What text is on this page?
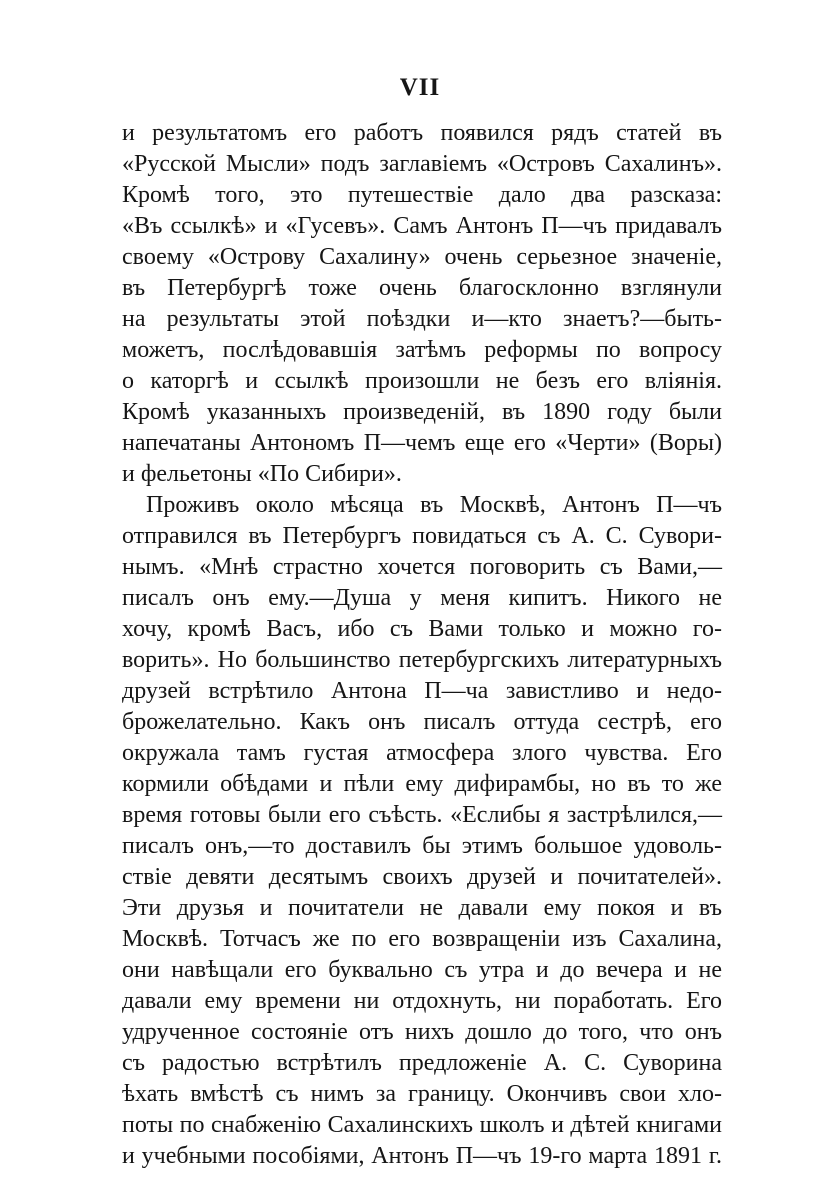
VII
и результатомъ его работъ появился рядъ статей въ
«Русской Мысли» подъ заглавіемъ «Островъ Сахалинъ».
Кромѣ того, это путешествіе дало два разсказа:
«Въ ссылкѣ» и «Гусевъ». Самъ Антонъ П—чъ придавалъ
своему «Острову Сахалину» очень серьезное значеніе,
въ Петербургѣ тоже очень благосклонно взглянули
на результаты этой поѣздки и—кто знаетъ?—быть-
можетъ, послѣдовавшія затѣмъ реформы по вопросу
о каторгѣ и ссылкѣ произошли не безъ его вліянія.
Кромѣ указанныхъ произведеній, въ 1890 году были
напечатаны Антономъ П—чемъ еще его «Черти» (Воры)
и фельетоны «По Сибири».
Проживъ около мѣсяца въ Москвѣ, Антонъ П—чъ
отправился въ Петербургъ повидаться съ А. С. Сувори-
нымъ. «Мнѣ страстно хочется поговорить съ Вами,—
писалъ онъ ему.—Душа у меня кипитъ. Никого не
хочу, кромѣ Васъ, ибо съ Вами только и можно го-
ворить». Но большинство петербургскихъ литературныхъ
друзей встрѣтило Антона П—ча завистливо и недо-
брожелательно. Какъ онъ писалъ оттуда сестрѣ, его
окружала тамъ густая атмосфера злого чувства. Его
кормили обѣдами и пѣли ему дифирамбы, но въ то же
время готовы были его съѣсть. «Еслибы я застрѣлился,—
писалъ онъ,—то доставилъ бы этимъ большое удоволь-
ствіе девяти десятымъ своихъ друзей и почитателей».
Эти друзья и почитатели не давали ему покоя и въ
Москвѣ. Тотчасъ же по его возвращеніи изъ Сахалина,
они навѣщали его буквально съ утра и до вечера и не
давали ему времени ни отдохнуть, ни поработать. Его
удрученное состояніе отъ нихъ дошло до того, что онъ
съ радостью встрѣтилъ предложеніе А. С. Суворина
ѣхать вмѣстѣ съ нимъ за границу. Окончивъ свои хло-
поты по снабженію Сахалинскихъ школъ и дѣтей книгами
и учебными пособіями, Антонъ П—чъ 19-го марта 1891 г.
